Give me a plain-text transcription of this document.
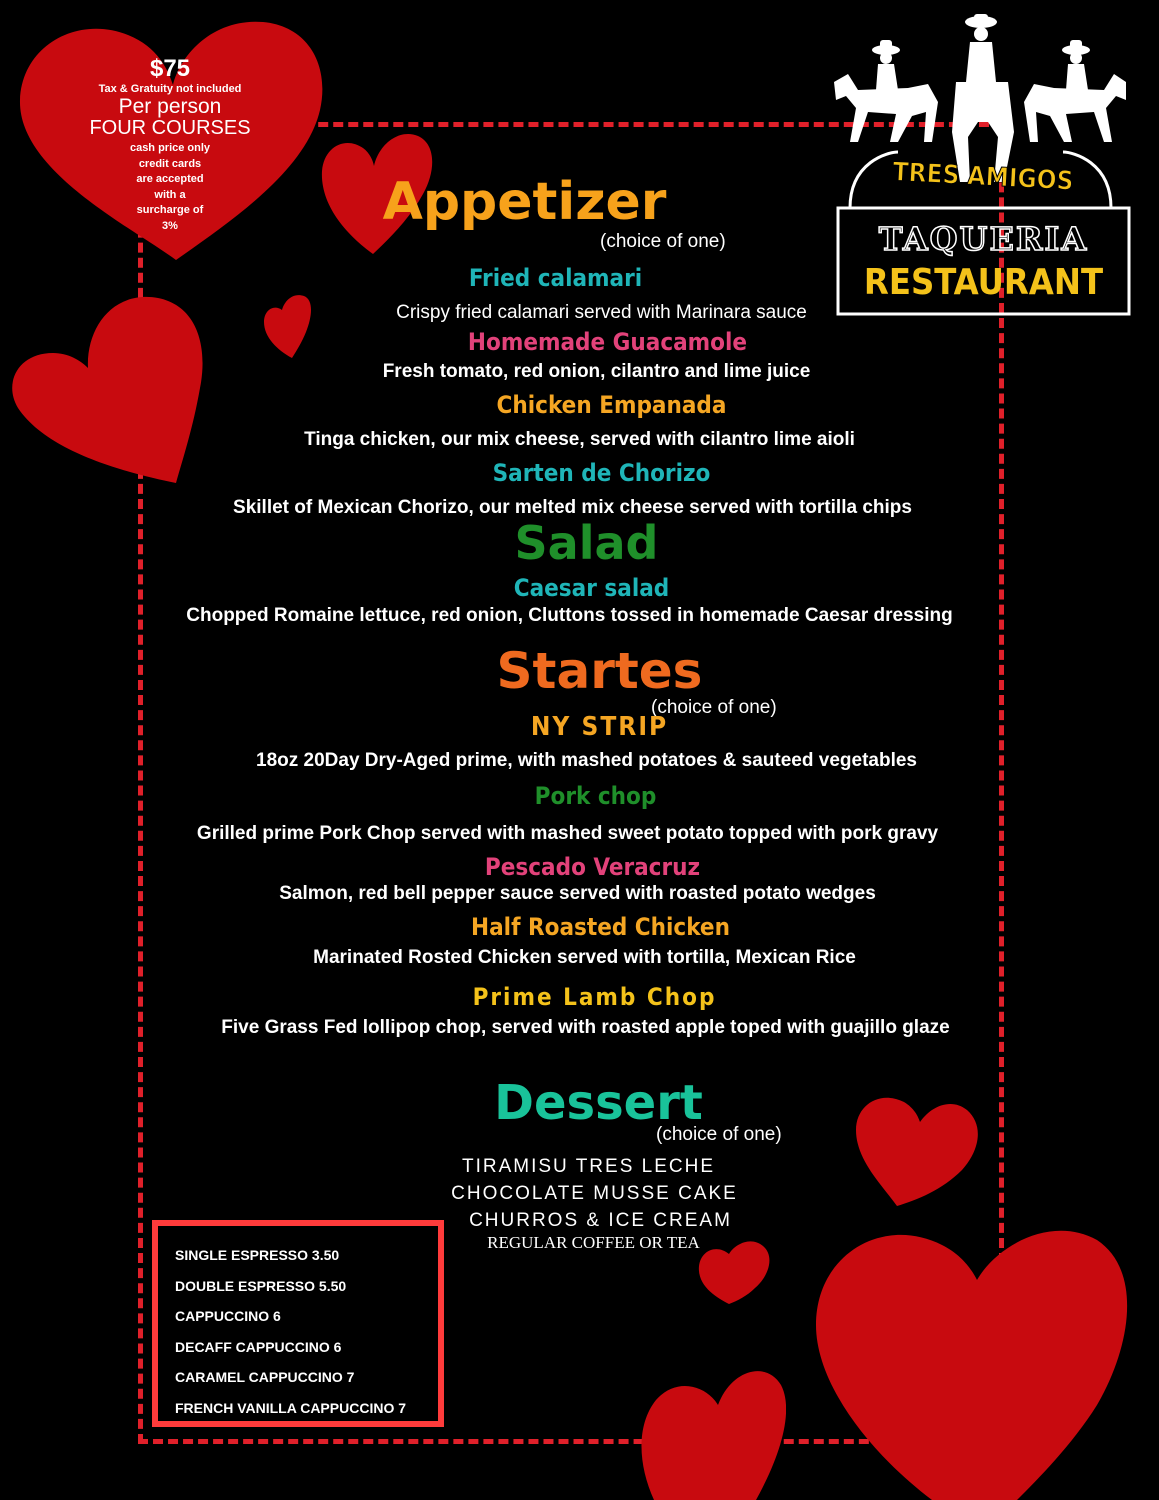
$75
Tax & Gratuity not included
Per person
FOUR COURSES
cash price only
credit cards
are accepted
with a
surcharge of
3%
TRES AMIGOS
TAQUERIA
RESTAURANT
Appetizer
(choice of one)
Fried calamari
Crispy fried calamari served with Marinara sauce
Homemade Guacamole
Fresh tomato, red onion, cilantro and lime juice
Chicken Empanada
Tinga chicken, our mix cheese, served with cilantro lime aioli
Sarten de Chorizo
Skillet of Mexican Chorizo, our melted mix cheese served with tortilla chips
Salad
Caesar salad
Chopped Romaine lettuce, red onion, Cluttons tossed in homemade Caesar dressing
Startes
(choice of one)
NY STRIP
18oz 20Day Dry-Aged prime, with mashed potatoes & sauteed vegetables
Pork chop
Grilled prime Pork Chop served with mashed sweet potato topped with pork gravy
Pescado Veracruz
Salmon, red bell pepper sauce served with roasted potato wedges
Half Roasted Chicken
Marinated Rosted Chicken served with tortilla, Mexican Rice
Prime Lamb Chop
Five Grass Fed lollipop chop, served with roasted apple toped with guajillo glaze
Dessert
(choice of one)
TIRAMISU TRES LECHE
CHOCOLATE MUSSE CAKE
CHURROS & ICE CREAM
REGULAR COFFEE OR TEA
SINGLE ESPRESSO 3.50
DOUBLE ESPRESSO 5.50
CAPPUCCINO 6
DECAFF CAPPUCCINO 6
CARAMEL CAPPUCCINO 7
FRENCH VANILLA CAPPUCCINO 7
